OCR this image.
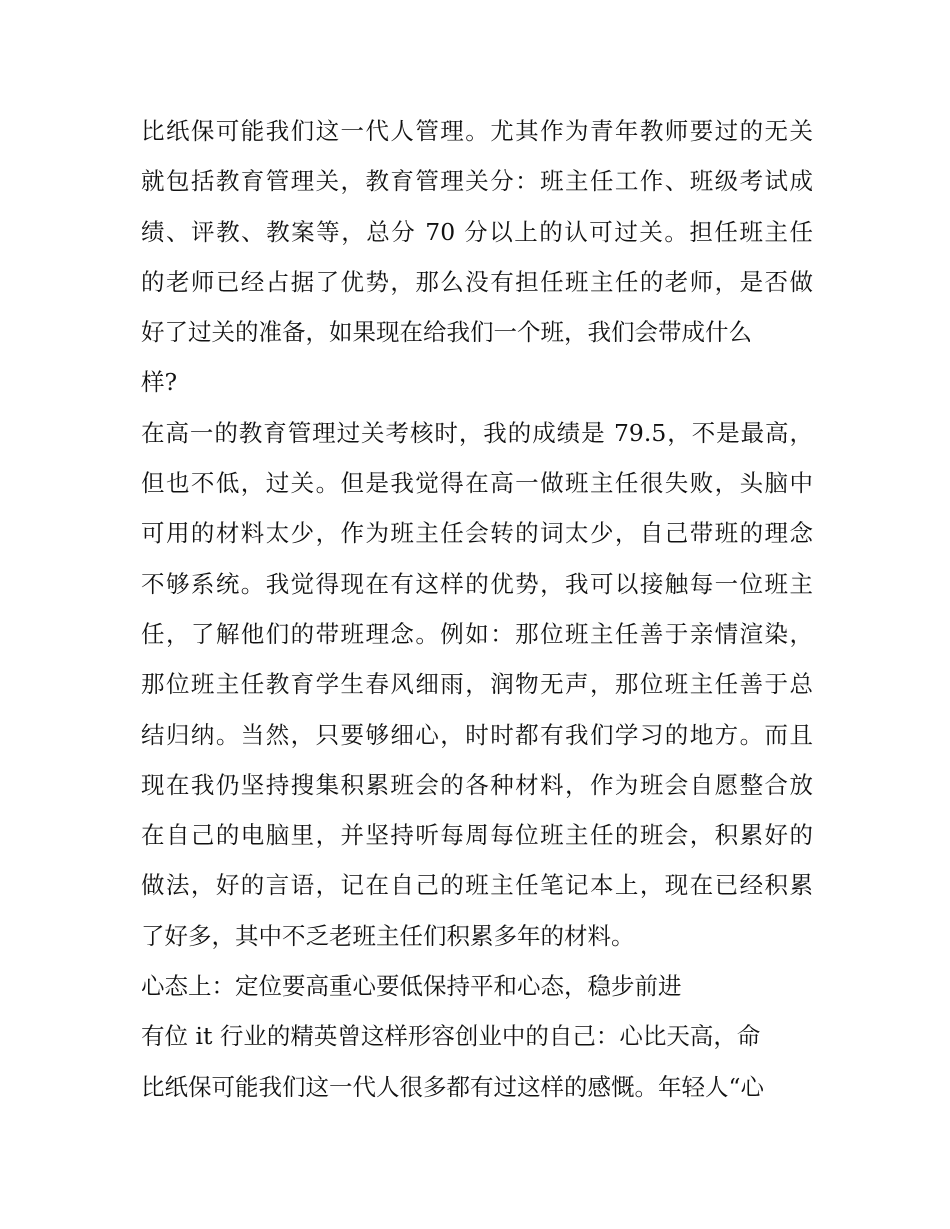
比纸保可能我们这一代人管理。尤其作为青年教师要过的无关
就包括教育管理关，教育管理关分：班主任工作、班级考试成
绩、评教、教案等，总分 70 分以上的认可过关。担任班主任
的老师已经占据了优势，那么没有担任班主任的老师，是否做
好了过关的准备，如果现在给我们一个班，我们会带成什么
样?
在高一的教育管理过关考核时，我的成绩是 79.5，不是最高，
但也不低，过关。但是我觉得在高一做班主任很失败，头脑中
可用的材料太少，作为班主任会转的词太少，自己带班的理念
不够系统。我觉得现在有这样的优势，我可以接触每一位班主
任，了解他们的带班理念。例如：那位班主任善于亲情渲染，
那位班主任教育学生春风细雨，润物无声，那位班主任善于总
结归纳。当然，只要够细心，时时都有我们学习的地方。而且
现在我仍坚持搜集积累班会的各种材料，作为班会自愿整合放
在自己的电脑里，并坚持听每周每位班主任的班会，积累好的
做法，好的言语，记在自己的班主任笔记本上，现在已经积累
了好多，其中不乏老班主任们积累多年的材料。
心态上：定位要高重心要低保持平和心态，稳步前进
有位 it 行业的精英曾这样形容创业中的自己：心比天高，命
比纸保可能我们这一代人很多都有过这样的感慨。年轻人“心
